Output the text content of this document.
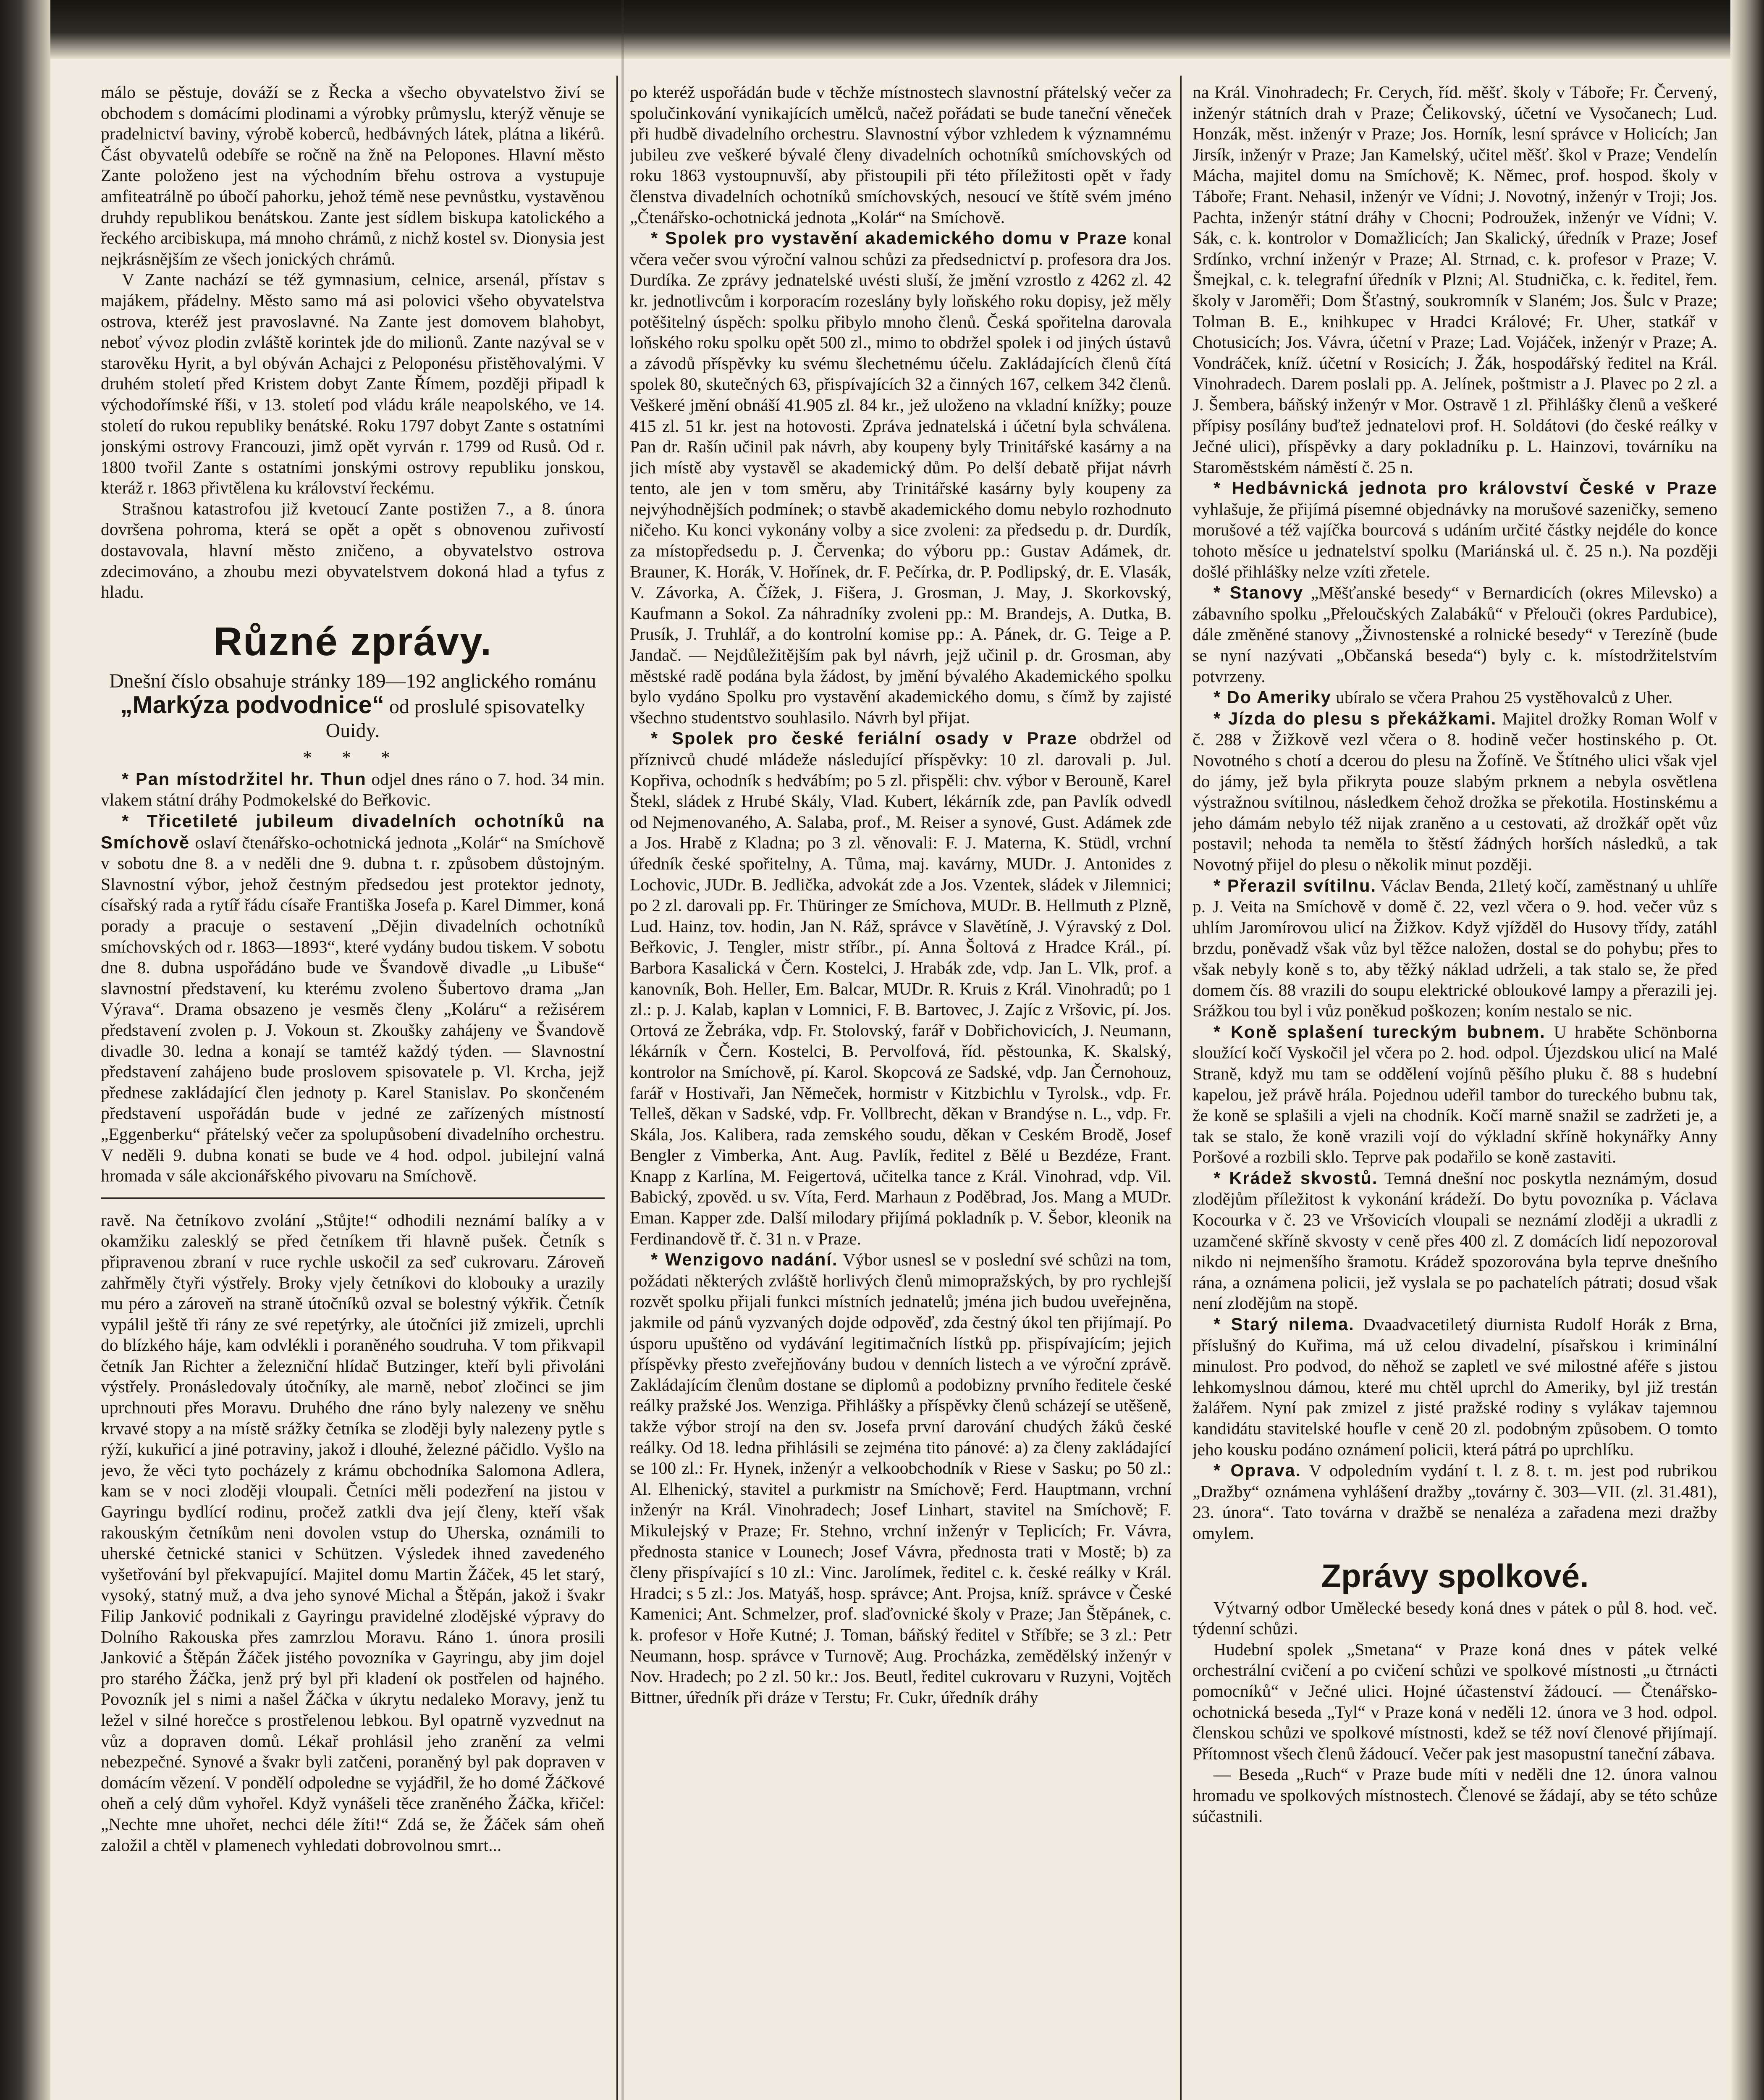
málo se pěstuje, dováží se z Řecka a všecho obyvatelstvo živí se obchodem s domácími plodinami a výrobky průmyslu, kterýž věnuje se pradelnictví baviny, výrobě koberců, hedbávných látek, plátna a likérů. Část obyvatelů odebíře se ročně na žně na Pelopones. Hlavní město Zante položeno jest na východním břehu ostrova a vystupuje amfiteatrálně po úbočí pahorku, jehož témě nese pevnůstku, vystavěnou druhdy republikou benátskou. Zante jest sídlem biskupa katolického a řeckého arcibiskupa, má mnoho chrámů, z nichž kostel sv. Dionysia jest nejkrásnějším ze všech jonických chrámů.

V Zante nachází se též gymnasium, celnice, arsenál, přístav s majákem, přádelny. Město samo má asi polovici všeho obyvatelstva ostrova, kteréž jest pravoslavné. Na Zante jest domovem blahobyt, neboť vývoz plodin zvláště korintek jde do milionů. Zante nazýval se v starověku Hyrit, a byl obýván Achajci z Peloponésu přistěhovalými. V druhém století před Kristem dobyt Zante Římem, později připadl k východořímské říši, v 13. století pod vládu krále neapolského, ve 14. století do rukou republiky benátské. Roku 1797 dobyt Zante s ostatními jonskými ostrovy Francouzi, jimž opět vyrván r. 1799 od Rusů. Od r. 1800 tvořil Zante s ostatními jonskými ostrovy republiku jonskou, kteráž r. 1863 přivtělena ku království řeckému.

Strašnou katastrofou již kvetoucí Zante postižen 7., a 8. února dovršena pohroma, která se opět a opět s obnovenou zuřivostí dostavovala, hlavní město zničeno, a obyvatelstvo ostrova zdecimováno, a zhoubu mezi obyvatelstvem dokoná hlad a tyfus z hladu.

Různé zprávy.
Dnešní číslo obsahuje stránky 189—192 anglického románu „Markýza podvodnice“ od proslulé spisovatelky Ouidy.
* * *

* Pan místodržitel hr. Thun odjel dnes ráno o 7. hod. 34 min. vlakem státní dráhy Podmokelské do Beřkovic.

* Třicetileté jubileum divadelních ochotníků na Smíchově oslaví čtenářsko-ochotnická jednota „Kolár“ na Smíchově v sobotu dne 8. a v neděli dne 9. dubna t. r. způsobem důstojným. Slavnostní výbor, jehož čestným předsedou jest protektor jednoty, císařský rada a rytíř řádu císaře Františka Josefa p. Karel Dimmer, koná porady a pracuje o sestavení „Dějin divadelních ochotníků smíchovských od r. 1863—1893“, které vydány budou tiskem. V sobotu dne 8. dubna uspořádáno bude ve Švandově divadle „u Libuše“ slavnostní představení, ku kterému zvoleno Šubertovo drama „Jan Výrava“. Drama obsazeno je vesměs členy „Koláru“ a režisérem představení zvolen p. J. Vokoun st. Zkoušky zahájeny ve Švandově divadle 30. ledna a konají se tamtéž každý týden. — Slavnostní představení zahájeno bude proslovem spisovatele p. Vl. Krcha, jejž přednese zakládající člen jednoty p. Karel Stanislav. Po skončeném představení uspořádán bude v jedné ze zařízených místností „Eggenberku“ přátelský večer za spolupůsobení divadelního orchestru. V neděli 9. dubna konati se bude ve 4 hod. odpol. jubilejní valná hromada v sále akcionářského pivovaru na Smíchově.

ravě. Na četníkovo zvolání „Stůjte!“ odhodili neznámí balíky a v okamžiku zalesklý se před četníkem tři hlavně pušek. Četník s připravenou zbraní v ruce rychle uskočil za seď cukrovaru. Zároveň zahřměly čtyři výstřely. Broky vjely četníkovi do klobouky a urazily mu péro a zároveň na straně útočníků ozval se bolestný výkřik. Četník vypálil ještě tři rány ze své repetýrky, ale útočníci již zmizeli, uprchli do blízkého háje, kam odvlékli i poraněného soudruha. V tom přikvapil četník Jan Richter a železniční hlídač Butzinger, kteří byli přivoláni výstřely. Pronásledovaly útočníky, ale marně, neboť zločinci se jim uprchnouti přes Moravu. Druhého dne ráno byly nalezeny ve sněhu krvavé stopy a na místě srážky četníka se zloději byly nalezeny pytle s rýží, kukuřicí a jiné potraviny, jakož i dlouhé, železné páčidlo. Vyšlo na jevo, že věci tyto pocházely z krámu obchodníka Salomona Adlera, kam se v noci zloději vloupali. Četníci měli podezření na jistou v Gayringu bydlící rodinu, pročež zatkli dva její členy, kteří však rakouským četníkům neni dovolen vstup do Uherska, oznámili to uherské četnické stanici v Schützen. Výsledek ihned zavedeného vyšetřování byl překvapující. Majitel domu Martin Žáček, 45 let starý, vysoký, statný muž, a dva jeho synové Michal a Štěpán, jakož i švakr Filip Janković podnikali z Gayringu pravidelné zlodějské výpravy do Dolního Rakouska přes zamrzlou Moravu. Ráno 1. února prosili Janković a Štěpán Žáček jistého povozníka v Gayringu, aby jim dojel pro starého Žáčka, jenž prý byl při kladení ok postřelen od hajného. Povozník jel s nimi a našel Žáčka v úkrytu nedaleko Moravy, jenž tu ležel v silné horečce s prostřelenou lebkou. Byl opatrně vyzvednut na vůz a dopraven domů. Lékař prohlásil jeho zranění za velmi nebezpečné. Synové a švakr byli zatčeni, poraněný byl pak dopraven v domácím vězení. V pondělí odpoledne se vyjádřil, že ho domé Žáčkové oheň a celý dům vyhořel. Když vynášeli těce zraněného Žáčka, křičel: „Nechte mne uhořet, nechci déle žíti!“ Zdá se, že Žáček sám oheň založil a chtěl v plamenech vyhledati dobrovolnou smrt...

po kteréž uspořádán bude v těchže místnostech slavnostní přátelský večer za spolučinkování vynikajících umělců, načež pořádati se bude taneční věneček při hudbě divadelního orchestru. Slavnostní výbor vzhledem k významnému jubileu zve veškeré bývalé členy divadelních ochotníků smíchovských od roku 1863 vystoupnuvší, aby přistoupili při této příležitosti opět v řady členstva divadelních ochotníků smíchovských, nesoucí ve štítě svém jméno „Čtenářsko-ochotnická jednota „Kolár“ na Smíchově.

* Spolek pro vystavění akademického domu v Praze konal včera večer svou výroční valnou schůzi za předsednictví p. profesora dra Jos. Durdíka. Ze zprávy jednatelské uvésti sluší, že jmění vzrostlo z 4262 zl. 42 kr. jednotlivcům i korporacím rozeslány byly loňského roku dopisy, jež měly potěšitelný úspěch: spolku přibylo mnoho členů. Česká spořitelna darovala loňského roku spolku opět 500 zl., mimo to obdržel spolek i od jiných ústavů a závodů příspěvky ku svému šlechetnému účelu. Zakládajících členů čítá spolek 80, skutečných 63, přispívajících 32 a činných 167, celkem 342 členů. Veškeré jmění obnáší 41.905 zl. 84 kr., jež uloženo na vkladní knížky; pouze 415 zl. 51 kr. jest na hotovosti. Zpráva jednatelská i účetní byla schválena. Pan dr. Rašín učinil pak návrh, aby koupeny byly Trinitářské kasárny a na jich místě aby vystavěl se akademický dům. Po delší debatě přijat návrh tento, ale jen v tom směru, aby Trinitářské kasárny byly koupeny za nejvýhodnějších podmínek; o stavbě akademického domu nebylo rozhodnuto ničeho. Ku konci vykonány volby a sice zvoleni: za předsedu p. dr. Durdík, za místopředsedu p. J. Červenka; do výboru pp.: Gustav Adámek, dr. Brauner, K. Horák, V. Hořínek, dr. F. Pečírka, dr. P. Podlipský, dr. E. Vlasák, V. Závorka, A. Čížek, J. Fišera, J. Grosman, J. May, J. Skorkovský, Kaufmann a Sokol. Za náhradníky zvoleni pp.: M. Brandejs, A. Dutka, B. Prusík, J. Truhlář, a do kontrolní komise pp.: A. Pánek, dr. G. Teige a P. Jandač. — Nejdůležitějším pak byl návrh, jejž učinil p. dr. Grosman, aby městské radě podána byla žádost, by jmění bývalého Akademického spolku bylo vydáno Spolku pro vystavění akademického domu, s čímž by zajisté všechno studentstvo souhlasilo. Návrh byl přijat.

* Spolek pro české feriální osady v Praze obdržel od příznivců chudé mládeže následující příspěvky: 10 zl. darovali p. Jul. Kopřiva, ochodník s hedvábím; po 5 zl. přispěli: chv. výbor v Berouně, Karel Štekl, sládek z Hrubé Skály, Vlad. Kubert, lékárník zde, pan Pavlík odvedl od Nejmenovaného, A. Salaba, prof., M. Reiser a synové, Gust. Adámek zde a Jos. Hrabě z Kladna; po 3 zl. věnovali: F. J. Materna, K. Stüdl, vrchní úředník české spořitelny, A. Tůma, maj. kavárny, MUDr. J. Antonides z Lochovic, JUDr. B. Jedlička, advokát zde a Jos. Vzentek, sládek v Jilemnici; po 2 zl. darovali pp. Fr. Thüringer ze Smíchova, MUDr. B. Hellmuth z Plzně, Lud. Hainz, tov. hodin, Jan N. Ráž, správce v Slavětíně, J. Výravský z Dol. Beřkovic, J. Tengler, mistr stříbr., pí. Anna Šoltová z Hradce Král., pí. Barbora Kasalická v Čern. Kostelci, J. Hrabák zde, vdp. Jan L. Vlk, prof. a kanovník, Boh. Heller, Em. Balcar, MUDr. R. Kruis z Král. Vinohradů; po 1 zl.: p. J. Kalab, kaplan v Lomnici, F. B. Bartovec, J. Zajíc z Vršovic, pí. Jos. Ortová ze Žebráka, vdp. Fr. Stolovský, farář v Dobřichovicích, J. Neumann, lékárník v Čern. Kostelci, B. Pervolfová, říd. pěstounka, K. Skalský, kontrolor na Smíchově, pí. Karol. Skopcová ze Sadské, vdp. Jan Černohouz, farář v Hostivaři, Jan Němeček, hormistr v Kitzbichlu v Tyrolsk., vdp. Fr. Telleš, děkan v Sadské, vdp. Fr. Vollbrecht, děkan v Brandýse n. L., vdp. Fr. Skála, Jos. Kalibera, rada zemského soudu, děkan v Ceském Brodě, Josef Bengler z Vimberka, Ant. Aug. Pavlík, ředitel z Bělé u Bezdéze, Frant. Knapp z Karlína, M. Feigertová, učitelka tance z Král. Vinohrad, vdp. Vil. Babický, zpověd. u sv. Víta, Ferd. Marhaun z Poděbrad, Jos. Mang a MUDr. Eman. Kapper zde. Další milodary přijímá pokladník p. V. Šebor, kleonik na Ferdinandově tř. č. 31 n. v Praze.

* Wenzigovo nadání. Výbor usnesl se v poslední své schůzi na tom, požádati některých zvláště horlivých členů mimopražských, by pro rychlejší rozvět spolku přijali funkci místních jednatelů; jména jich budou uveřejněna, jakmile od pánů vyzvaných dojde odpověď, zda čestný úkol ten přijímají. Po úsporu upuštěno od vydávání legitimačních lístků pp. přispívajícím; jejich příspěvky přesto zveřejňovány budou v denních listech a ve výroční zprávě. Zakládajícím členům dostane se diplomů a podobizny prvního ředitele české reálky pražské Jos. Wenziga. Přihlášky a příspěvky členů scházejí se utěšeně, takže výbor strojí na den sv. Josefa první darování chudých žáků české reálky. Od 18. ledna přihlásili se zejména tito pánové: a) za členy zakládající se 100 zl.: Fr. Hynek, inženýr a velkoobchodník v Riese v Sasku; po 50 zl.: Al. Elhenický, stavitel a purkmistr na Smíchově; Ferd. Hauptmann, vrchní inženýr na Král. Vinohradech; Josef Linhart, stavitel na Smíchově; F. Mikulejský v Praze; Fr. Stehno, vrchní inženýr v Teplicích; Fr. Vávra, přednosta stanice v Lounech; Josef Vávra, přednosta trati v Mostě; b) za členy přispívající s 10 zl.: Vinc. Jarolímek, ředitel c. k. české reálky v Král. Hradci; s 5 zl.: Jos. Matyáš, hosp. správce; Ant. Projsa, kníž. správce v České Kamenici; Ant. Schmelzer, prof. slaďovnické školy v Praze; Jan Štěpánek, c. k. profesor v Hoře Kutné; J. Toman, báňský ředitel v Stříbře; se 3 zl.: Petr Neumann, hosp. správce v Turnově; Aug. Procházka, zemědělský inženýr v Nov. Hradech; po 2 zl. 50 kr.: Jos. Beutl, ředitel cukrovaru v Ruzyni, Vojtěch Bittner, úředník při dráze v Terstu; Fr. Cukr, úředník dráhy

na Král. Vinohradech; Fr. Cerych, říd. měšť. školy v Táboře; Fr. Červený, inženýr státních drah v Praze; Čelikovský, účetní ve Vysočanech; Lud. Honzák, měst. inženýr v Praze; Jos. Horník, lesní správce v Holicích; Jan Jirsík, inženýr v Praze; Jan Kamelský, učitel měšť. škol v Praze; Vendelín Mácha, majitel domu na Smíchově; K. Němec, prof. hospod. školy v Táboře; Frant. Nehasil, inženýr ve Vídni; J. Novotný, inženýr v Troji; Jos. Pachta, inženýr státní dráhy v Chocni; Podroužek, inženýr ve Vídni; V. Sák, c. k. kontrolor v Domažlicích; Jan Skalický, úředník v Praze; Josef Srdínko, vrchní inženýr v Praze; Al. Strnad, c. k. profesor v Praze; V. Šmejkal, c. k. telegrafní úředník v Plzni; Al. Studnička, c. k. ředitel, řem. školy v Jaroměři; Dom Šťastný, soukromník v Slaném; Jos. Šulc v Praze; Tolman B. E., knihkupec v Hradci Králové; Fr. Uher, statkář v Chotusicích; Jos. Vávra, účetní v Praze; Lad. Vojáček, inženýr v Praze; A. Vondráček, kníž. účetní v Rosicích; J. Žák, hospodářský ředitel na Král. Vinohradech. Darem poslali pp. A. Jelínek, poštmistr a J. Plavec po 2 zl. a J. Šembera, báňský inženýr v Mor. Ostravě 1 zl. Přihlášky členů a veškeré přípisy posílány buďtež jednatelovi prof. H. Soldátovi (do české reálky v Ječné ulici), příspěvky a dary pokladníku p. L. Hainzovi, továrníku na Staroměstském náměstí č. 25 n.

* Hedbávnická jednota pro království České v Praze vyhlašuje, že přijímá písemné objednávky na morušové sazeničky, semeno morušové a též vajíčka bourcová s udáním určité částky nejdéle do konce tohoto měsíce u jednatelství spolku (Mariánská ul. č. 25 n.). Na později došlé přihlášky nelze vzíti zřetele.

* Stanovy „Měšťanské besedy“ v Bernardicích (okres Milevsko) a zábavního spolku „Přeloučských Zalabáků“ v Přelouči (okres Pardubice), dále změněné stanovy „Živnostenské a rolnické besedy“ v Terezíně (bude se nyní nazývati „Občanská beseda“) byly c. k. místodržitelstvím potvrzeny.

* Do Ameriky ubíralo se včera Prahou 25 vystěhovalců z Uher.

* Jízda do plesu s překážkami. Majitel drožky Roman Wolf v č. 288 v Žižkově vezl včera o 8. hodině večer hostinského p. Ot. Novotného s chotí a dcerou do plesu na Žofíně. Ve Štítného ulici však vjel do jámy, jež byla přikryta pouze slabým prknem a nebyla osvětlena výstražnou svítilnou, následkem čehož drožka se překotila. Hostinskému a jeho dámám nebylo též nijak zraněno a u cestovati, až drožkář opět vůz postavil; nehoda ta neměla to štěstí žádných horších následků, a tak Novotný přijel do plesu o několik minut později.

* Přerazil svítilnu. Václav Benda, 21letý kočí, zaměstnaný u uhlíře p. J. Veita na Smíchově v domě č. 22, vezl včera o 9. hod. večer vůz s uhlím Jaromírovou ulicí na Žižkov. Když vjížděl do Husovy třídy, zatáhl brzdu, poněvadž však vůz byl těžce naložen, dostal se do pohybu; přes to však nebyly koně s to, aby těžký náklad udrželi, a tak stalo se, že před domem čís. 88 vrazili do soupu elektrické obloukové lampy a přerazili jej. Srážkou tou byl i vůz poněkud poškozen; koním nestalo se nic.

* Koně splašení tureckým bubnem. U hraběte Schönborna sloužící kočí Vyskočil jel včera po 2. hod. odpol. Újezdskou ulicí na Malé Straně, když mu tam se oddělení vojínů pěšího pluku č. 88 s hudební kapelou, jež právě hrála. Pojednou udeřil tambor do tureckého bubnu tak, že koně se splašili a vjeli na chodník. Kočí marně snažil se zadržeti je, a tak se stalo, že koně vrazili vojí do výkladní skříně hokynářky Anny Poršové a rozbili sklo. Teprve pak podařilo se koně zastaviti.

* Krádež skvostů. Temná dnešní noc poskytla neznámým, dosud zlodějům příležitost k vykonání krádeží. Do bytu povozníka p. Václava Kocourka v č. 23 ve Vršovicích vloupali se neznámí zloději a ukradli z uzamčené skříně skvosty v ceně přes 400 zl. Z domácích lidí nepozoroval nikdo ni nejmenšího šramotu. Krádež spozorována byla teprve dnešního rána, a oznámena policii, jež vyslala se po pachatelích pátrati; dosud však není zlodějům na stopě.

* Starý nilema. Dvaadvacetiletý diurnista Rudolf Horák z Brna, příslušný do Kuřima, má už celou divadelní, písařskou i kriminální minulost. Pro podvod, do něhož se zapletl ve své milostné aféře s jistou lehkomyslnou dámou, které mu chtěl uprchl do Ameriky, byl již trestán žalářem. Nyní pak zmizel z jisté pražské rodiny s vylákav tajemnou kandidátu stavitelské houfle v ceně 20 zl. podobným způsobem. O tomto jeho kousku podáno oznámení policii, která pátrá po uprchlíku.

* Oprava. V odpoledním vydání t. l. z 8. t. m. jest pod rubrikou „Dražby“ oznámena vyhlášení dražby „továrny č. 303—VII. (zl. 31.481), 23. února“. Tato továrna v dražbě se nenaléza a zařadena mezi dražby omylem.

Zprávy spolkové.

Výtvarný odbor Umělecké besedy koná dnes v pátek o půl 8. hod. več. týdenní schůzi.

Hudební spolek „Smetana“ v Praze koná dnes v pátek velké orchestrální cvičení a po cvičení schůzi ve spolkové místnosti „u čtrnácti pomocníků“ v Ječné ulici. Hojné účastenství žádoucí. — Čtenářsko-ochotnická beseda „Tyl“ v Praze koná v neděli 12. února ve 3 hod. odpol. členskou schůzi ve spolkové místnosti, kdež se též noví členové přijímají. Přítomnost všech členů žádoucí. Večer pak jest masopustní taneční zábava.

— Beseda „Ruch“ v Praze bude míti v neděli dne 12. února valnou hromadu ve spolkových místnostech. Členové se žádají, aby se této schůze súčastnili.
